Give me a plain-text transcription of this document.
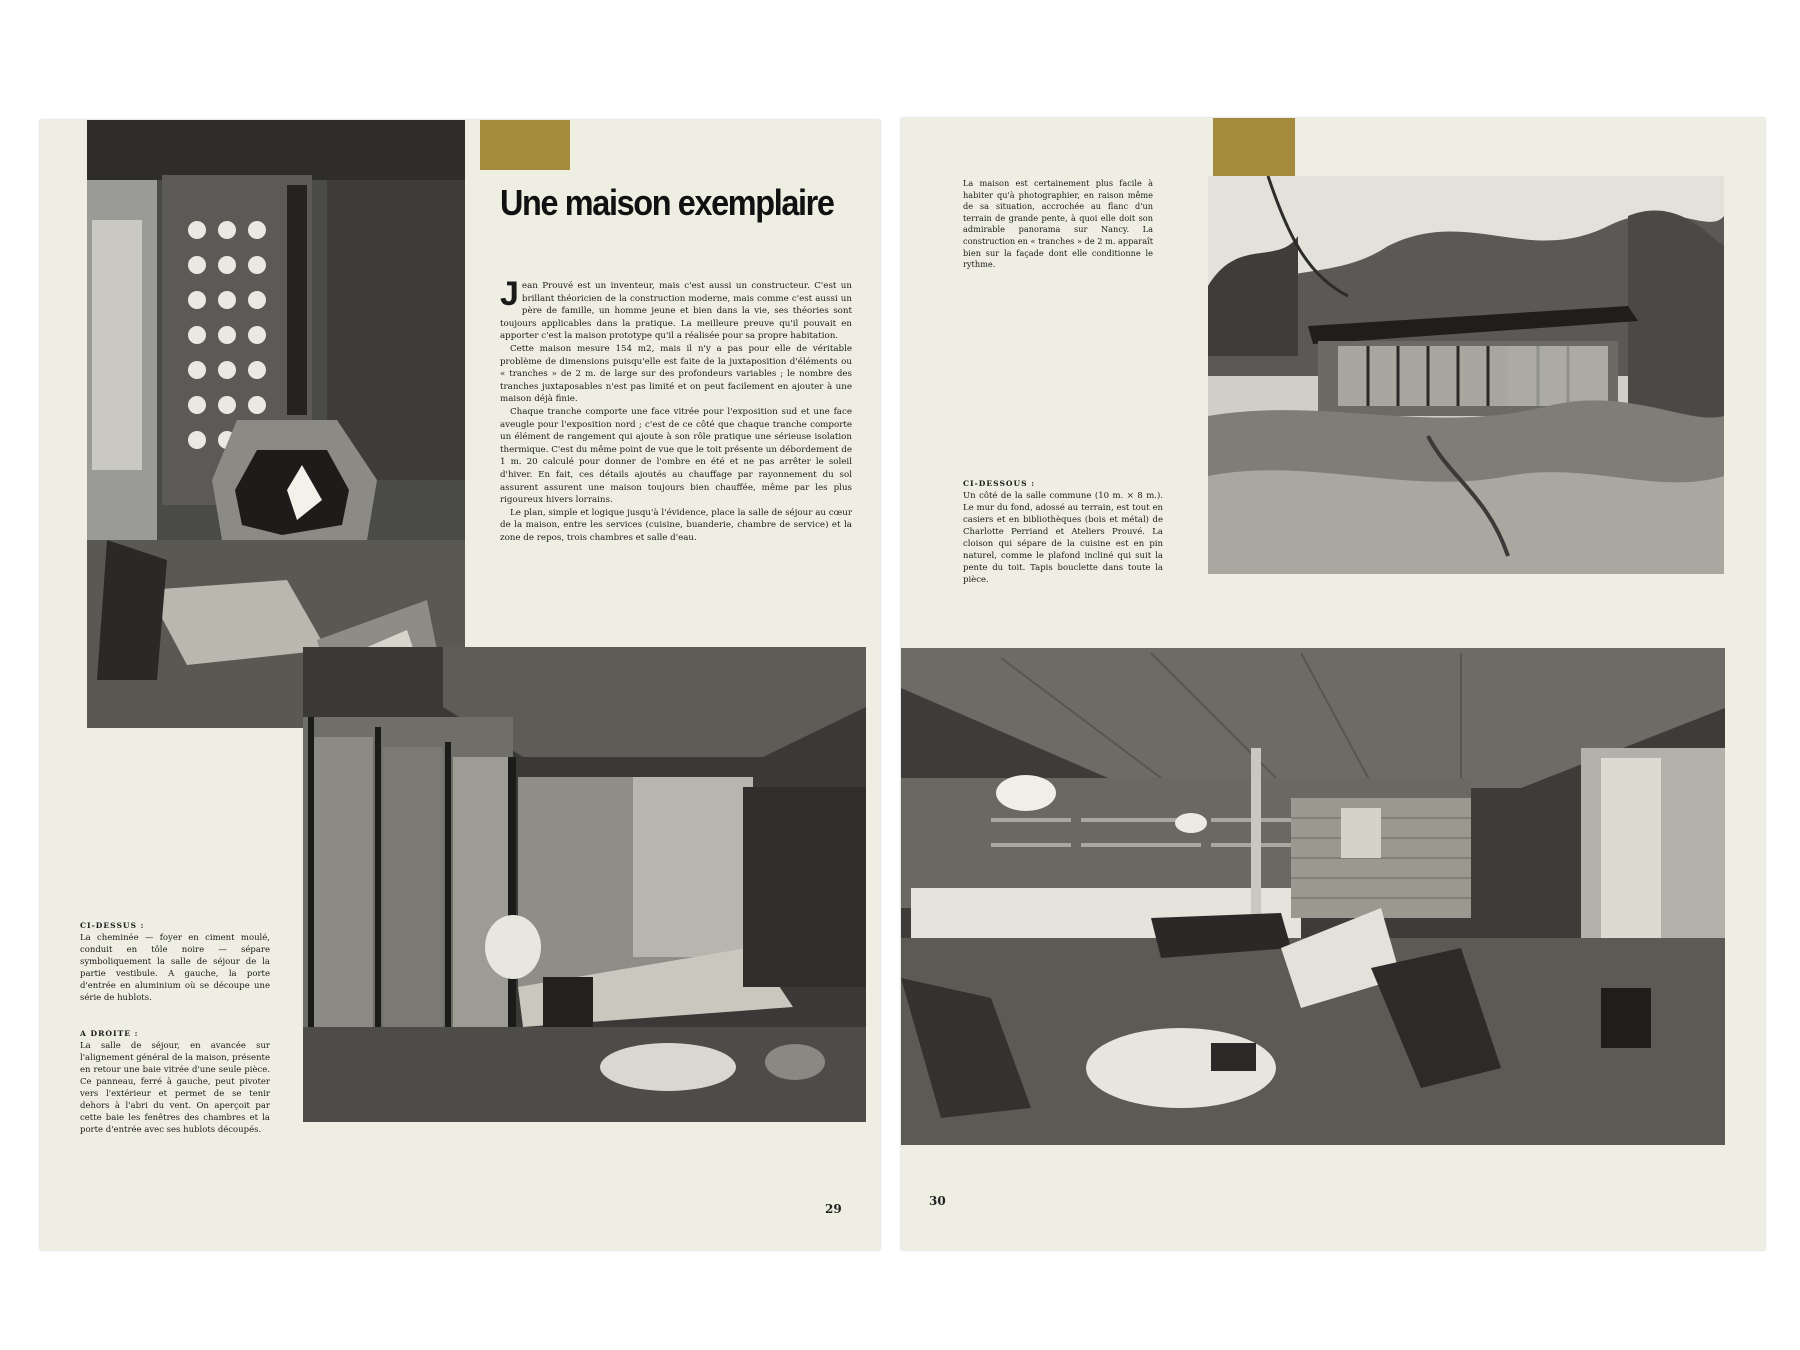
Une maison exemplaire

Jean Prouvé est un inventeur, mais c'est aussi un constructeur. C'est un brillant théoricien de la construction moderne, mais comme c'est aussi un père de famille, un homme jeune et bien dans la vie, ses théories sont toujours applicables dans la pratique. La meilleure preuve qu'il pouvait en apporter c'est la maison prototype qu'il a réalisée pour sa propre habitation.

Cette maison mesure 154 m2, mais il n'y a pas pour elle de véritable problème de dimensions puisqu'elle est faite de la juxtaposition d'éléments ou « tranches » de 2 m. de large sur des profondeurs variables ; le nombre des tranches juxtaposables n'est pas limité et on peut facilement en ajouter à une maison déjà finie.

Chaque tranche comporte une face vitrée pour l'exposition sud et une face aveugle pour l'exposition nord ; c'est de ce côté que chaque tranche comporte un élément de rangement qui ajoute à son rôle pratique une sérieuse isolation thermique. C'est du même point de vue que le toit présente un débordement de 1 m. 20 calculé pour donner de l'ombre en été et ne pas arrêter le soleil d'hiver. En fait, ces détails ajoutés au chauffage par rayonnement du sol assurent assurent une maison toujours bien chauffée, même par les plus rigoureux hivers lorrains.

Le plan, simple et logique jusqu'à l'évidence, place la salle de séjour au cœur de la maison, entre les services (cuisine, buanderie, chambre de service) et la zone de repos, trois chambres et salle d'eau.

CI-DESSUS :

La cheminée — foyer en ciment moulé, conduit en tôle noire — sépare symboliquement la salle de séjour de la partie vestibule. A gauche, la porte d'entrée en aluminium où se découpe une série de hublots.

A DROITE :

La salle de séjour, en avancée sur l'alignement général de la maison, présente en retour une baie vitrée d'une seule pièce. Ce panneau, ferré à gauche, peut pivoter vers l'extérieur et permet de se tenir dehors à l'abri du vent. On aperçoit par cette baie les fenêtres des chambres et la porte d'entrée avec ses hublots découpés.

29
La maison est certainement plus facile à habiter qu'à photographier, en raison même de sa situation, accrochée au flanc d'un terrain de grande pente, à quoi elle doit son admirable panorama sur Nancy. La construction en « tranches » de 2 m. apparaît bien sur la façade dont elle conditionne le rythme.
CI-DESSOUS :

Un côté de la salle commune (10 m. × 8 m.). Le mur du fond, adossé au terrain, est tout en casiers et en bibliothèques (bois et métal) de Charlotte Perriand et Ateliers Prouvé. La cloison qui sépare de la cuisine est en pin naturel, comme le plafond incliné qui suit la pente du toit. Tapis bouclette dans toute la pièce.

30
